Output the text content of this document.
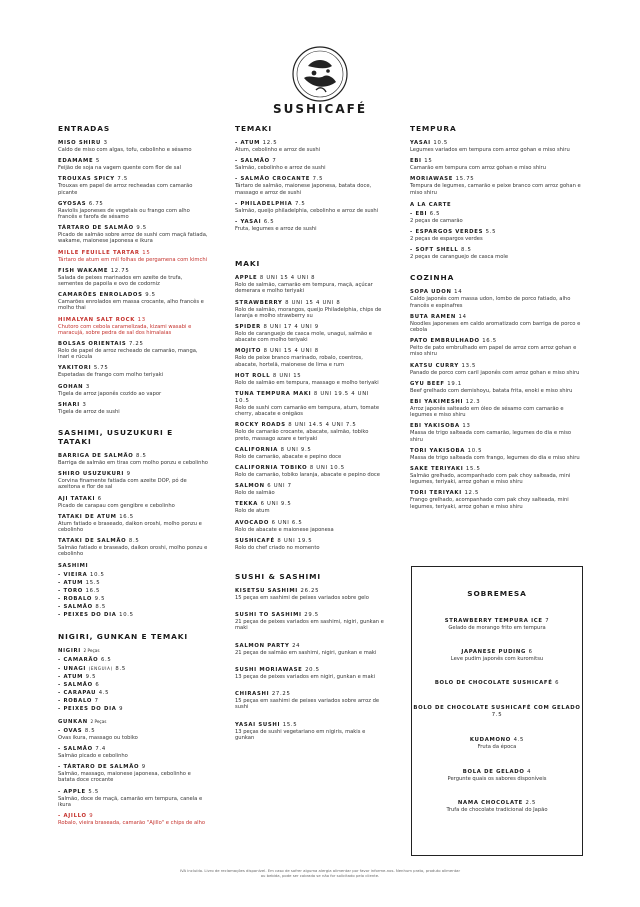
SUSHICAFÉ
ENTRADAS
MISO SHIRU 3
Caldo de miso com algas, tofu, cebolinho e sésamo
EDAMAME 5
Feijão de soja na vagem quente com flor de sal
TROUXAS SPICY 7.5
Trouxas em papel de arroz recheadas com camarão picante
GYOSAS 6.75
Raviolis japoneses de vegetais ou frango com alho francês e farofa de sésamo
TÁRTARO DE SALMÃO 9.5
Picado de salmão sobre arroz de sushi com maçã fatiada, wakame, maionese japonesa e ikura
MILLE FEUILLE TARTAR 15
Tártaro de atum em mil folhas de pergamena com kimchi
FISH WAKAME 12.75
Salada de peixes marinados em azeite de trufa, sementes de papoila e ovo de codorniz
CAMARÕES ENROLADOS 9.5
Camarões enrolados em massa crocante, alho francês e molho thai
HIMALYAN SALT ROCK 13
Chutoro com cebola caramelizada, kizami wasabi e maracujá, sobre pedra de sal dos himalaias
BOLSAS ORIENTAIS 7.25
Rolo de papel de arroz recheado de camarão, manga, inari e rúcula
YAKITORI 5.75
Espetadas de frango com molho teriyaki
GOHAN 3
Tigela de arroz japonês cozido ao vapor
SHARI 3
Tigela de arroz de sushi
SASHIMI, USUZUKURI E TATAKI
BARRIGA DE SALMÃO 8.5
Barriga de salmão em tiras com molho ponzu e cebolinho
SHIRO USUZUKURI 9
Corvina finamente fatiada com azeite DOP, pó de azeitona e flor de sal
AJI TATAKI 6
Picado de carapau com gengibre e cebolinho
TATAKI DE ATUM 16.5
Atum fatiado e braseado, daikon oroshi, molho ponzu e cebolinho
TATAKI DE SALMÃO 8.5
Salmão fatiado e braseado, daikon oroshi, molho ponzu e cebolinho
SASHIMI
- VIEIRA 10.5
- ATUM 15.5
- TORO 16.5
- ROBALO 9.5
- SALMÃO 8.5
- PEIXES DO DIA 10.5
NIGIRI, GUNKAN E TEMAKI
NIGIRI 2 Peças
- CAMARÃO 6.5
- UNAGI (ENGUIA) 8.5
- ATUM 9.5
- SALMÃO 6
- CARAPAU 4.5
- ROBALO 7
- PEIXES DO DIA 9
GUNKAN 2 Peças
- OVAS 8.5
Ovas ikura, massago ou tobiko
- SALMÃO 7.4
Salmão picado e cebolinho
- TÁRTARO DE SALMÃO 9
Salmão, massago, maionese japonesa, cebolinho e batata doce crocante
- APPLE 5.5
Salmão, doce de maçã, camarão em tempura, canela e ikura
- AJILLO 9
Robalo, vieira braseada, camarão "Ajillo" e chips de alho
TEMAKI
- ATUM 12.5
Atum, cebolinho e arroz de sushi
- SALMÃO 7
Salmão, cebolinho e arroz de sushi
- SALMÃO CROCANTE 7.5
Tártaro de salmão, maionese japonesa, batata doce, massago e arroz de sushi
- PHILADELPHIA 7.5
Salmão, queijo philadelphia, cebolinho e arroz de sushi
- YASAI 6.5
Fruta, legumes e arroz de sushi
MAKI
APPLE 8 UNI 15 4 UNI 8
Rolo de salmão, camarão em tempura, maçã, açúcar demerara e molho teriyaki
STRAWBERRY 8 UNI 15 4 UNI 8
Rolo de salmão, morangos, queijo Philadelphia, chips de laranja e molho strawberry su
SPIDER 8 UNI 17 4 UNI 9
Rolo de caranguejo de casca mole, unagui, salmão e abacate com molho teriyaki
MOJITO 8 UNI 15 4 UNI 8
Rolo de peixe branco marinado, robalo, coentros, abacate, hortelã, maionese de lima e rum
HOT ROLL 8 UNI 15
Rolo de salmão em tempura, massago e molho teriyaki
TUNA TEMPURA MAKI 8 UNI 19.5 4 UNI 10.5
Rolo de sushi com camarão em tempura, atum, tomate cherry, abacate e orégãos
ROCKY ROADS 8 UNI 14.5 4 UNI 7.5
Rolo de camarão crocante, abacate, salmão, tobiko preto, massago azare e teriyaki
CALIFORNIA 8 UNI 9.5
Rolo de camarão, abacate e pepino doce
CALIFORNIA TOBIKO 8 UNI 10.5
Rolo de camarão, tobiko laranja, abacate e pepino doce
SALMON 6 UNI 7
Rolo de salmão
TEKKA 6 UNI 9.5
Rolo de atum
AVOCADO 6 UNI 6.5
Rolo de abacate e maionese japonesa
SUSHICAFÉ 8 UNI 19.5
Rolo do chef criado no momento
SUSHI & SASHIMI
KISETSU SASHIMI 26.25
15 peças em sashimi de peixes variados sobre gelo
SUSHI TO SASHIMI 29.5
21 peças de peixes variados em sashimi, nigiri, gunkan e maki
SALMON PARTY 24
21 peças de salmão em sashimi, nigiri, gunkan e maki
SUSHI MORIAWASE 20.5
13 peças de peixes variados em nigiri, gunkan e maki
CHIRASHI 27.25
15 peças em sashimi de peixes variados sobre arroz de sushi
YASAI SUSHI 15.5
13 peças de sushi vegetariano em nigiris, makis e gunkan
TEMPURA
YASAI 10.5
Legumes variados em tempura com arroz gohan e miso shiru
EBI 15
Camarão em tempura com arroz gohan e miso shiru
MORIAWASE 15.75
Tempura de legumes, camarão e peixe branco com arroz gohan e miso shiru
A LA CARTE
- EBI 6.5
2 peças de camarão
- ESPARGOS VERDES 5.5
2 peças de espargos verdes
- SOFT SHELL 8.5
2 peças de caranguejo de casca mole
COZINHA
SOPA UDON 14
Caldo japonês com massa udon, lombo de porco fatiado, alho francês e espinafres
BUTA RAMEN 14
Noodles japoneses em caldo aromatizado com barriga de porco e cebola
PATO EMBRULHADO 16.5
Peito de pato embrulhado em papel de arroz com arroz gohan e miso shiru
KATSU CURRY 13.5
Panado de porco com caril japonês com arroz gohan e miso shiru
GYU BEEF 19.1
Beef grelhado com demishoyu, batata frita, enoki e miso shiru
EBI YAKIMESHI 12.3
Arroz japonês salteado em óleo de sésamo com camarão e legumes e miso shiru
EBI YAKISOBA 13
Massa de trigo salteada com camarão, legumes do dia e miso shiru
TORI YAKISOBA 10.5
Massa de trigo salteada com frango, legumes do dia e miso shiru
SAKE TERIYAKI 15.5
Salmão grelhado, acompanhado com pak choy salteada, mini legumes, teriyaki, arroz gohan e miso shiru
TORI TERIYAKI 12.5
Frango grelhado, acompanhado com pak choy salteada, mini legumes, teriyaki, arroz gohan e miso shiru
SOBREMESA
STRAWBERRY TEMPURA ICE 7
Gelado de morango frito em tempura
JAPANESE PUDING 6
Leve pudim japonês com kuromitsu
BOLO DE CHOCOLATE SUSHICAFÉ 6
BOLO DE CHOCOLATE SUSHICAFÉ COM GELADO 7.5
KUDAMONO 4.5
Fruta da época
BOLA DE GELADO 4
Pergunte quais os sabores disponíveis
NAMA CHOCOLATE 2.5
Trufa de chocolate tradicional do Japão
IVA incluído. Livro de reclamações disponível. Em caso de sofrer alguma alergia alimentar por favor informe-nos. Nenhum prato, produto alimentar ou bebida, pode ser cobrado se não for solicitado pelo cliente.
